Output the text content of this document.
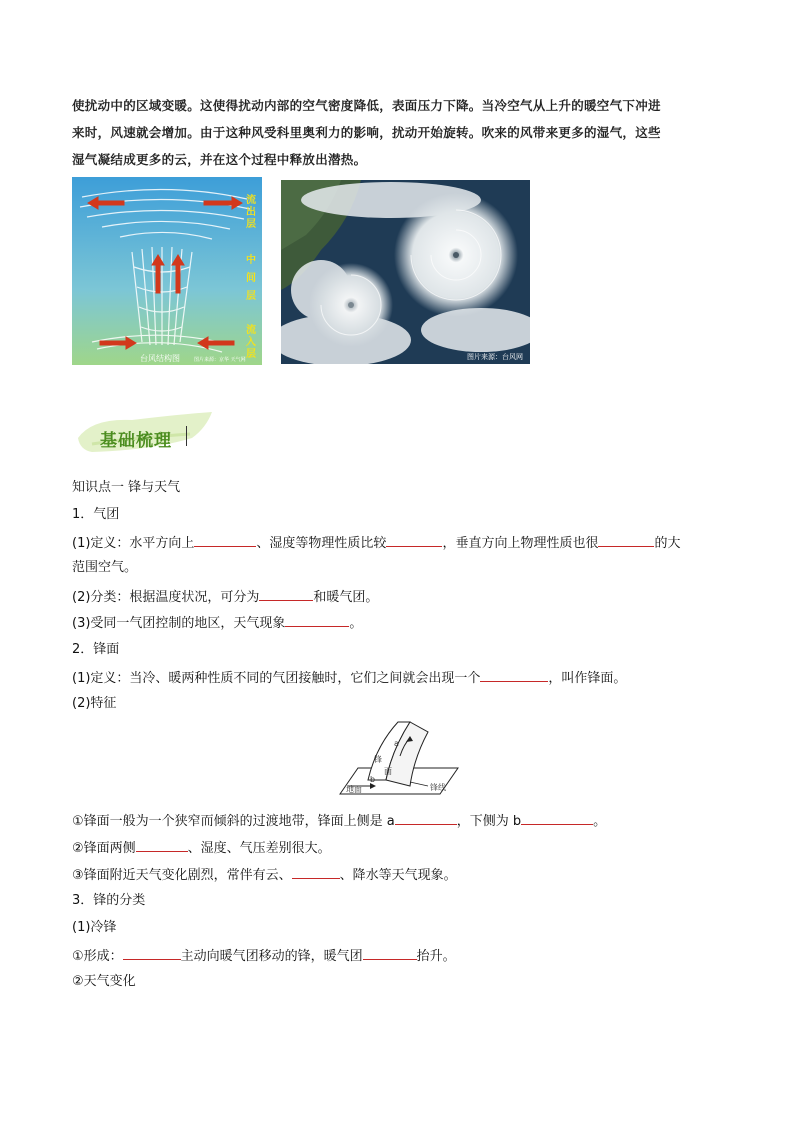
使扰动中的区域变暖。这使得扰动内部的空气密度降低，表面压力下降。当冷空气从上升的暖空气下冲进

来时，风速就会增加。由于这种风受科里奥利力的影响，扰动开始旋转。吹来的风带来更多的湿气，这些

湿气凝结成更多的云，并在这个过程中释放出潜热。

流
出
层
中
间
层
流
入
层
台风结构图	图片来源：京华 天气网	图片来源：台风网
基础梳理
知识点一 锋与天气
1．气团
(1)定义：水平方向上	、湿度等物理性质比较	，垂直方向上物理性质也很	的大
范围空气。
(2)分类：根据温度状况，可分为	和暖气团。
(3)受同一气团控制的地区，天气现象	。
2．锋面
(1)定义：当冷、暖两种性质不同的气团接触时，它们之间就会出现一个	，叫作锋面。
(2)特征
地面
锋
面
锋线
a
b
①锋面一般为一个狭窄而倾斜的过渡地带，锋面上侧是 a	，下侧为 b	。
②锋面两侧	、湿度、气压差别很大。
③锋面附近天气变化剧烈，常伴有云、	、降水等天气现象。
3．锋的分类
(1)冷锋
①形成：	主动向暖气团移动的锋，暖气团	抬升。
②天气变化
